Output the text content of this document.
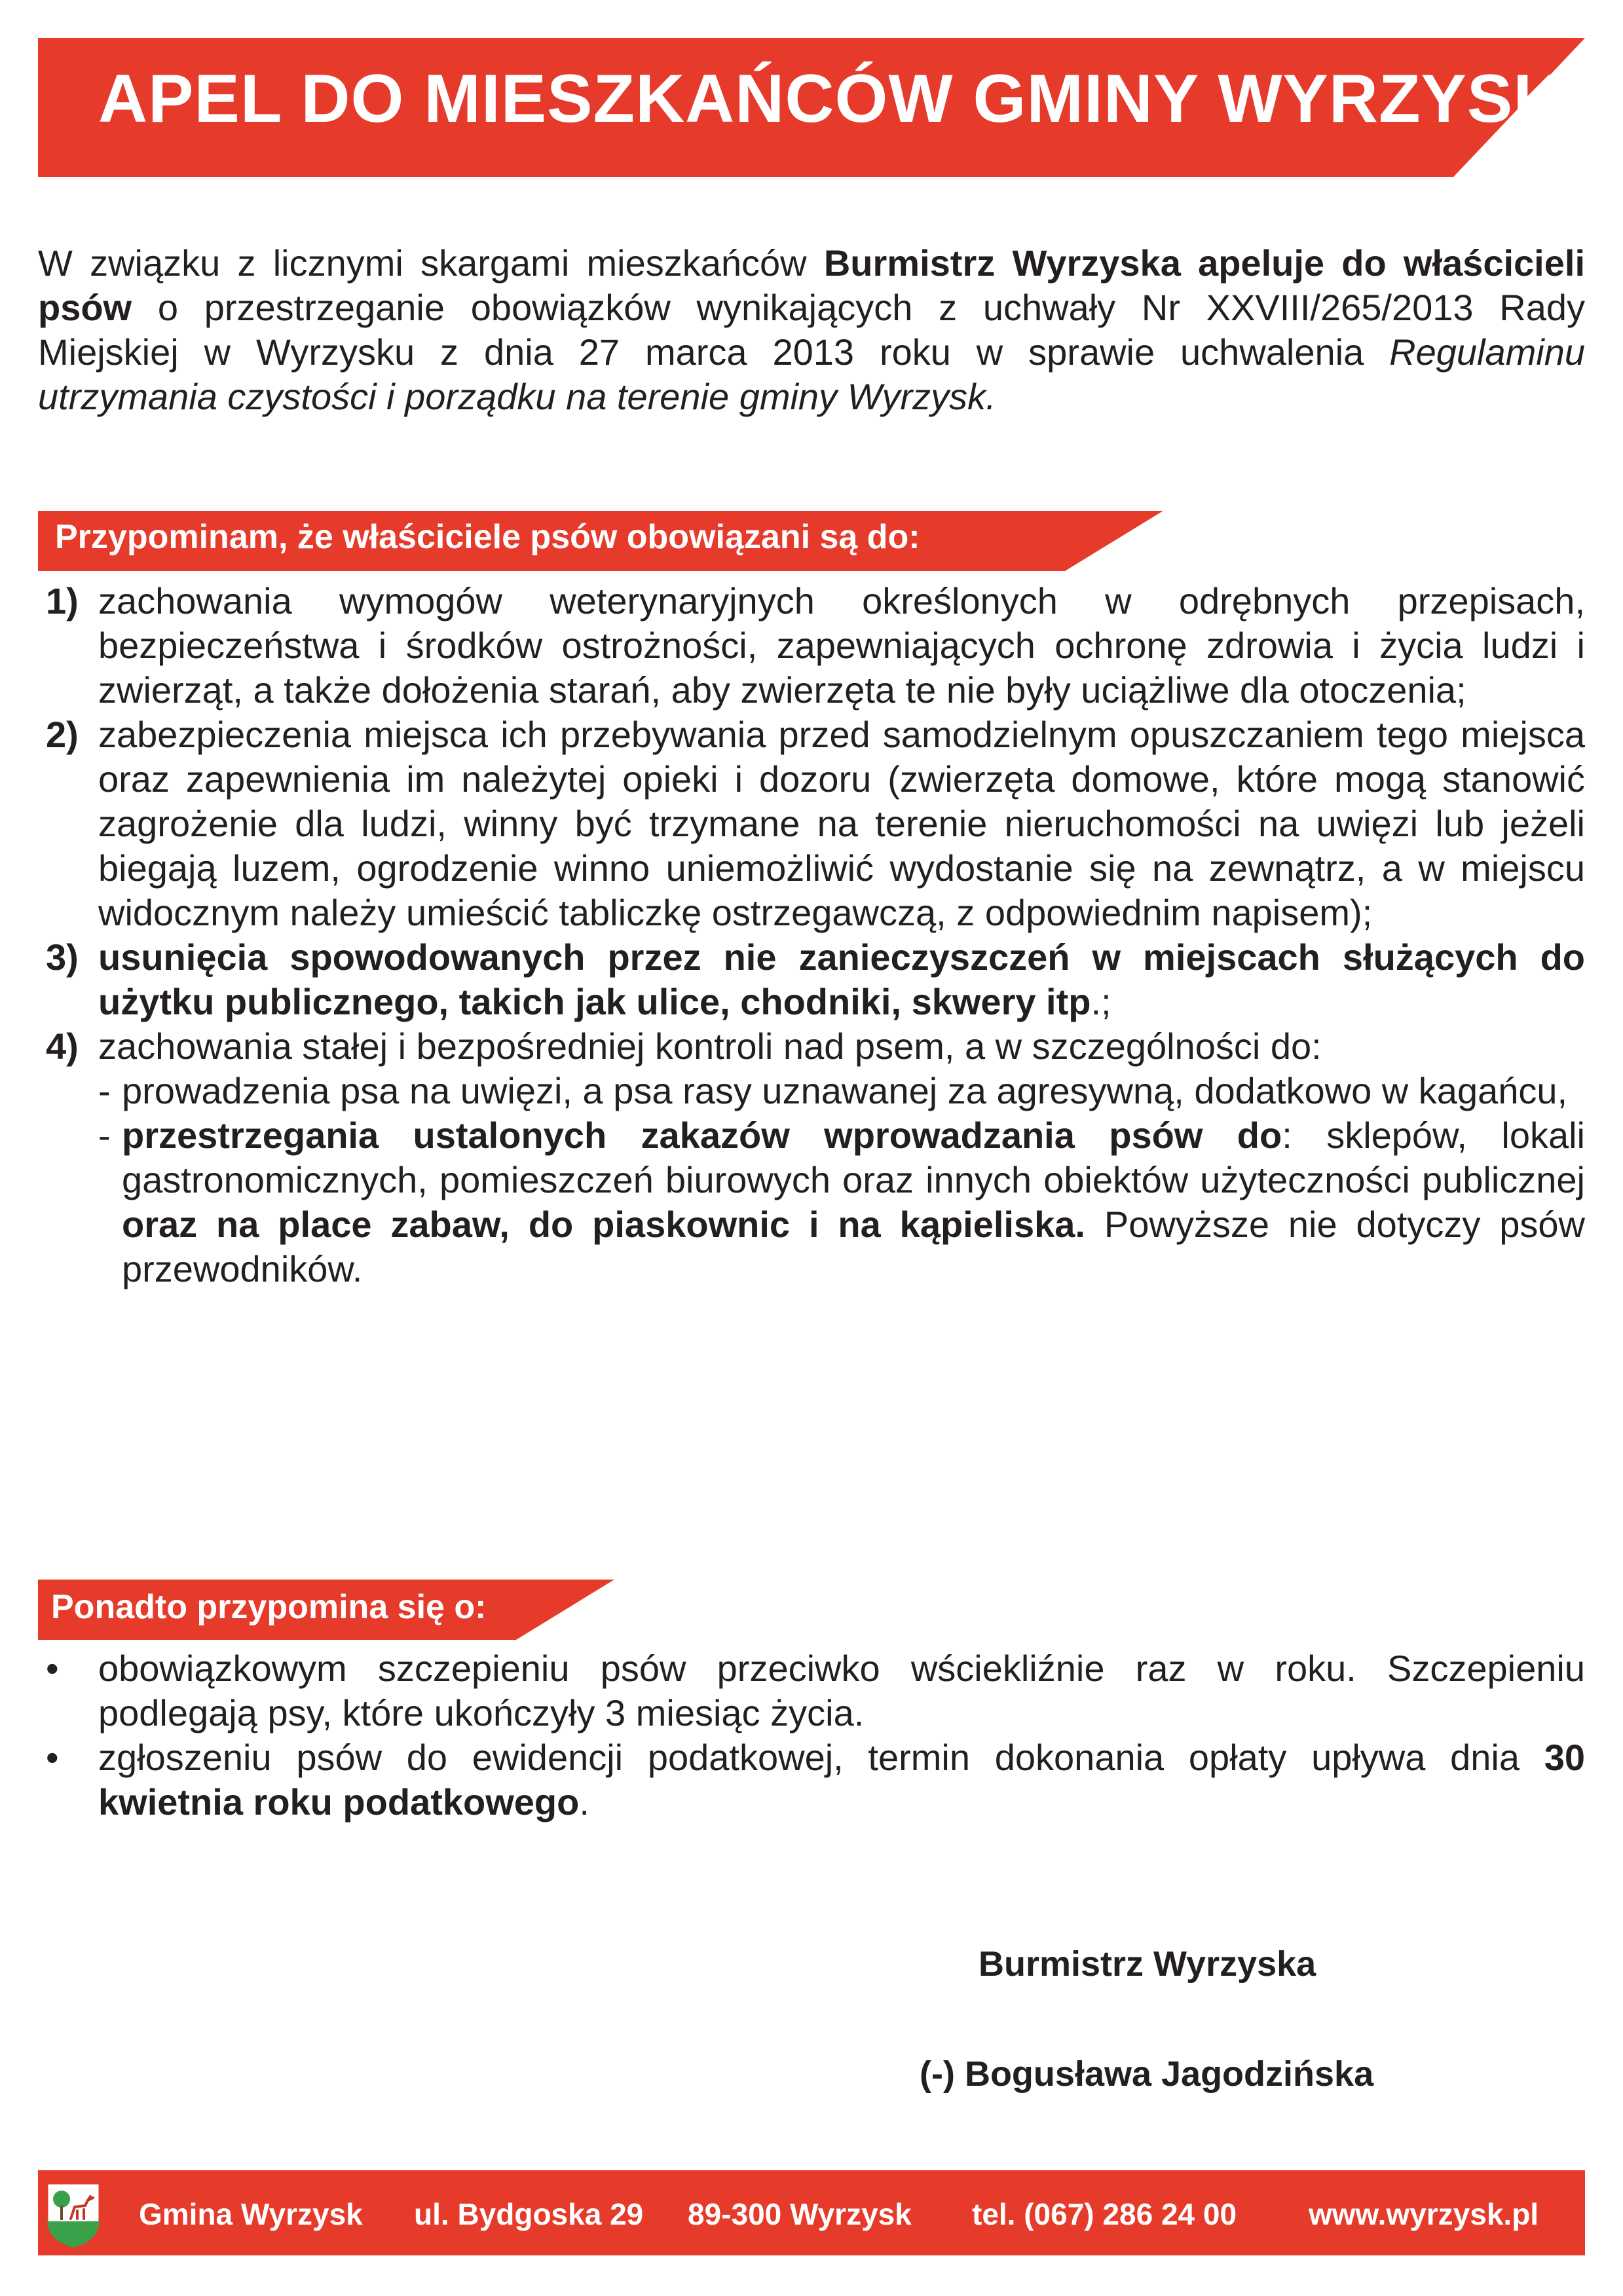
APEL DO MIESZKAŃCÓW GMINY WYRZYSK
W związku z licznymi skargami mieszkańców Burmistrz Wyrzyska apeluje do właścicieli psów o przestrzeganie obowiązków wynikających z uchwały Nr XXVIII/265/2013 Rady Miejskiej w Wyrzysku z dnia 27 marca 2013 roku w sprawie uchwalenia Regulaminu utrzymania czystości i porządku na terenie gminy Wyrzysk.
Przypominam, że właściciele psów obowiązani są do:
1) zachowania wymogów weterynaryjnych określonych w odrębnych przepisach, bezpieczeństwa i środków ostrożności, zapewniających ochronę zdrowia i życia ludzi i zwierząt, a także dołożenia starań, aby zwierzęta te nie były uciążliwe dla otoczenia;
2) zabezpieczenia miejsca ich przebywania przed samodzielnym opuszczaniem tego miejsca oraz zapewnienia im należytej opieki i dozoru (zwierzęta domowe, które mogą stanowić zagrożenie dla ludzi, winny być trzymane na terenie nieruchomości na uwięzi lub jeżeli biegają luzem, ogrodzenie winno uniemożliwić wydostanie się na zewnątrz, a w miejscu widocznym należy umieścić tabliczkę ostrzegawczą, z odpowiednim napisem);
3) usunięcia spowodowanych przez nie zanieczyszczeń w miejscach służących do użytku publicznego, takich jak ulice, chodniki, skwery itp.;
4) zachowania stałej i bezpośredniej kontroli nad psem, a w szczególności do:
- prowadzenia psa na uwięzi, a psa rasy uznawanej za agresywną, dodatkowo w kagańcu,
- przestrzegania ustalonych zakazów wprowadzania psów do: sklepów, lokali gastronomicznych, pomieszczeń biurowych oraz innych obiektów użyteczności publicznej oraz na place zabaw, do piaskownic i na kąpieliska. Powyższe nie dotyczy psów przewodników.
Ponadto przypomina się o:
•	obowiązkowym szczepieniu psów przeciwko wściekliźnie raz w roku. Szczepieniu podlegają psy, które ukończyły 3 miesiąc życia.
•	zgłoszeniu psów do ewidencji podatkowej, termin dokonania opłaty upływa dnia 30 kwietnia roku podatkowego.
Burmistrz Wyrzyska
(-) Bogusława Jagodzińska
Gmina Wyrzysk ul. Bydgoska 29 89-300 Wyrzysk tel. (067) 286 24 00 www.wyrzysk.pl
